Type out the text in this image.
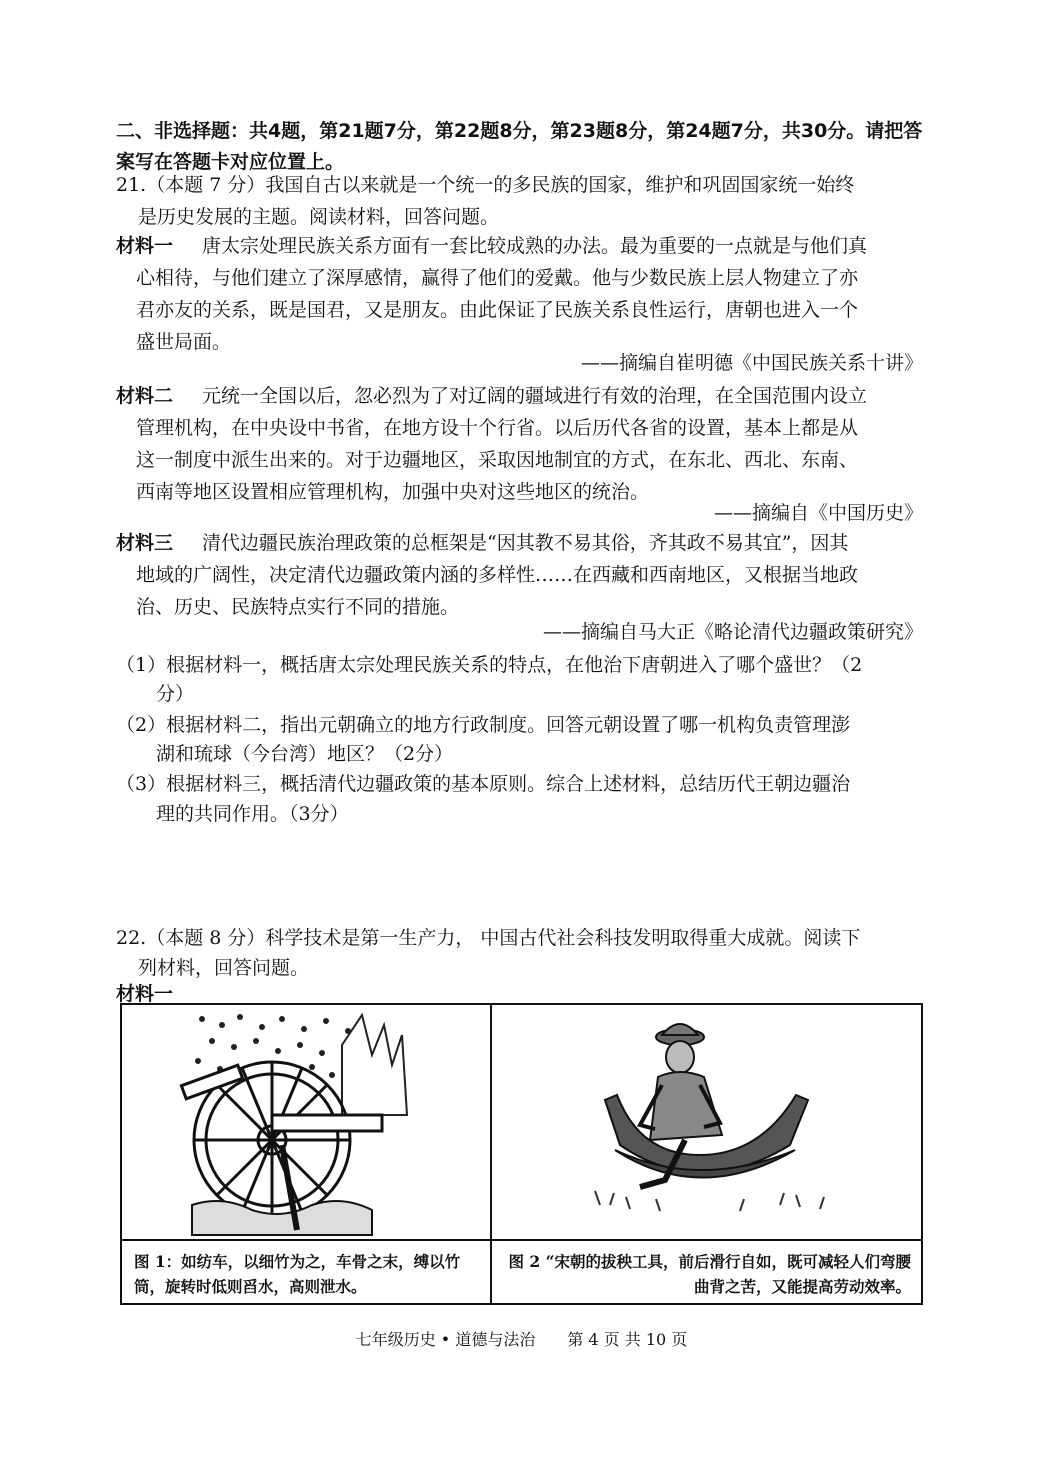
二、非选择题：共4题，第21题7分，第22题8分，第23题8分，第24题7分，共30分。请把答案写在答题卡对应位置上。
21.（本题 7 分）我国自古以来就是一个统一的多民族的国家，维护和巩固国家统一始终
是历史发展的主题。阅读材料，回答问题。
材料一 唐太宗处理民族关系方面有一套比较成熟的办法。最为重要的一点就是与他们真
心相待，与他们建立了深厚感情，赢得了他们的爱戴。他与少数民族上层人物建立了亦
君亦友的关系，既是国君，又是朋友。由此保证了民族关系良性运行，唐朝也进入一个
盛世局面。
——摘编自崔明德《中国民族关系十讲》
材料二 元统一全国以后，忽必烈为了对辽阔的疆域进行有效的治理，在全国范围内设立
管理机构，在中央设中书省，在地方设十个行省。以后历代各省的设置，基本上都是从
这一制度中派生出来的。对于边疆地区，采取因地制宜的方式，在东北、西北、东南、
西南等地区设置相应管理机构，加强中央对这些地区的统治。
——摘编自《中国历史》
材料三 清代边疆民族治理政策的总框架是“因其教不易其俗，齐其政不易其宜”，因其
地域的广阔性，决定清代边疆政策内涵的多样性……在西藏和西南地区，又根据当地政
治、历史、民族特点实行不同的措施。
——摘编自马大正《略论清代边疆政策研究》
（1）根据材料一，概括唐太宗处理民族关系的特点，在他治下唐朝进入了哪个盛世？（2
分）
（2）根据材料二，指出元朝确立的地方行政制度。回答元朝设置了哪一机构负责管理澎
湖和琉球（今台湾）地区？（2分）
（3）根据材料三，概括清代边疆政策的基本原则。综合上述材料，总结历代王朝边疆治
理的共同作用。（3分）
22.（本题 8 分）科学技术是第一生产力， 中国古代社会科技发明取得重大成就。阅读下
列材料，回答问题。
材料一
图 1：如纺车，以细竹为之，车骨之末，缚以竹筒，旋转时低则舀水，高则泄水。
图 2 “宋朝的拔秧工具，前后滑行自如，既可减轻人们弯腰曲背之苦，又能提高劳动效率。
七年级历史 • 道德与法治　　第 4 页 共 10 页
